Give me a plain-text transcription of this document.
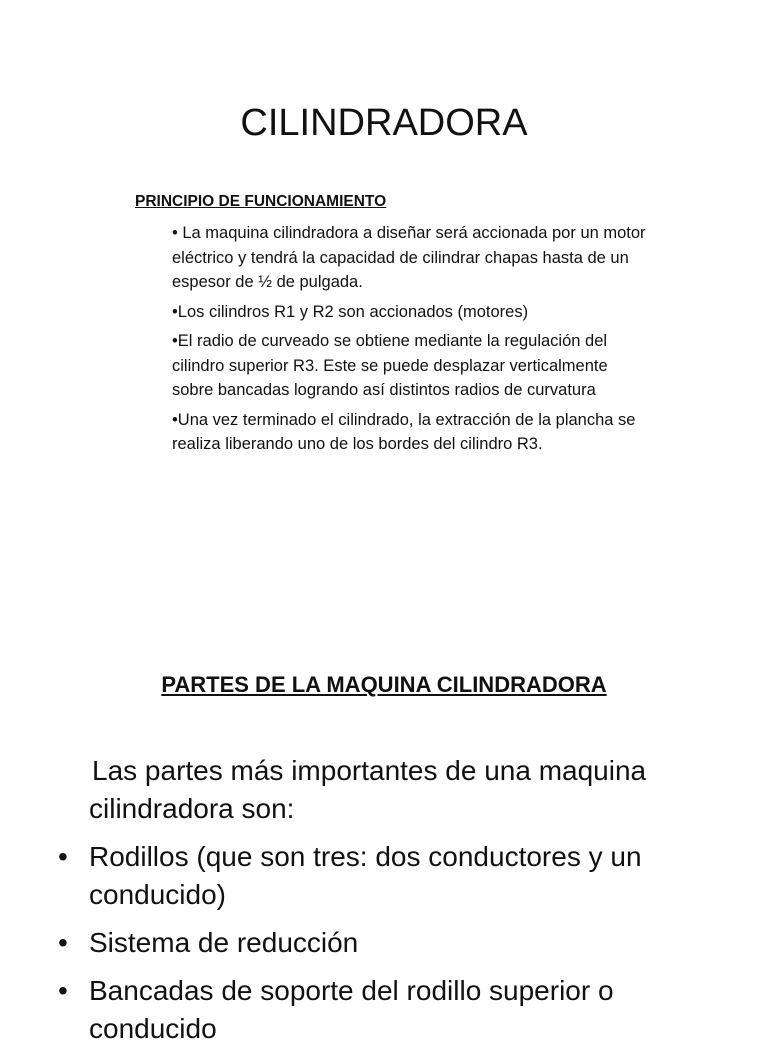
CILINDRADORA

PRINCIPIO DE FUNCIONAMIENTO

• La maquina cilindradora a diseñar será accionada por un motor eléctrico y tendrá la capacidad de cilindrar chapas hasta de un espesor de ½ de pulgada.
•Los cilindros R1 y R2 son accionados (motores)
•El radio de curveado se obtiene mediante la regulación del cilindro superior R3. Este se puede desplazar verticalmente sobre bancadas logrando así distintos radios de curvatura
•Una vez terminado el cilindrado, la extracción de la plancha se realiza liberando uno de los bordes del cilindro R3.

PARTES DE LA MAQUINA CILINDRADORA

Las partes más importantes de una maquina cilindradora son:

• Rodillos (que son tres: dos conductores y un conducido)
• Sistema de reducción
• Bancadas de soporte del rodillo superior o conducido
